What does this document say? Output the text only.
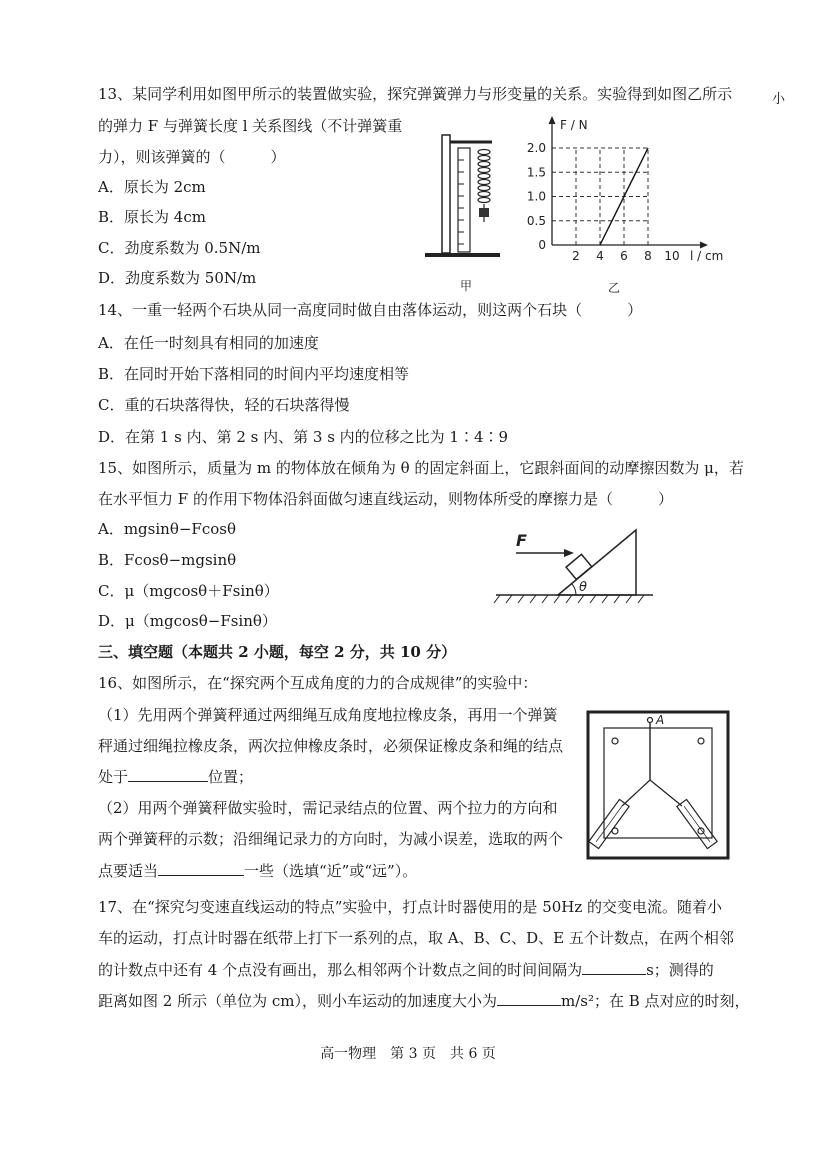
小
13、某同学利用如图甲所示的装置做实验，探究弹簧弹力与形变量的关系。实验得到如图乙所示
的弹力 F 与弹簧长度 l 关系图线（不计弹簧重
力），则该弹簧的（　　　）
A．原长为 2cm
B．原长为 4cm
C．劲度系数为 0.5N/m
D．劲度系数为 50N/m	甲
2 4 6 8 10
0
0.5
1.0
1.5
2.0
F / N
l / cm
乙
14、一重一轻两个石块从同一高度同时做自由落体运动，则这两个石块（　　　）
A．在任一时刻具有相同的加速度
B．在同时开始下落相同的时间内平均速度相等
C．重的石块落得快，轻的石块落得慢
D．在第 1 s 内、第 2 s 内、第 3 s 内的位移之比为 1∶4∶9
15、如图所示，质量为 m 的物体放在倾角为 θ 的固定斜面上，它跟斜面间的动摩擦因数为 μ，若
在水平恒力 F 的作用下物体沿斜面做匀速直线运动，则物体所受的摩擦力是（　　　）
A．mgsinθ−Fcosθ
B．Fcosθ−mgsinθ
C．μ（mgcosθ＋Fsinθ）
D．μ（mgcosθ−Fsinθ）
F
θ
三、填空题（本题共 2 小题，每空 2 分，共 10 分）
16、如图所示，在“探究两个互成角度的力的合成规律”的实验中：
（1）先用两个弹簧秤通过两细绳互成角度地拉橡皮条，再用一个弹簧
秤通过细绳拉橡皮条，两次拉伸橡皮条时，必须保证橡皮条和绳的结点
处于	位置；
（2）用两个弹簧秤做实验时，需记录结点的位置、两个拉力的方向和
两个弹簧秤的示数；沿细绳记录力的方向时，为减小误差，选取的两个
点要适当	一些（选填“近”或“远”）。
A
17、在“探究匀变速直线运动的特点”实验中，打点计时器使用的是 50Hz 的交变电流。随着小
车的运动，打点计时器在纸带上打下一系列的点，取 A、B、C、D、E 五个计数点，在两个相邻
的计数点中还有 4 个点没有画出，那么相邻两个计数点之间的时间间隔为	s；测得的
距离如图 2 所示（单位为 cm），则小车运动的加速度大小为	m/s²；在 B 点对应的时刻，
高一物理　第 3 页　共 6 页
